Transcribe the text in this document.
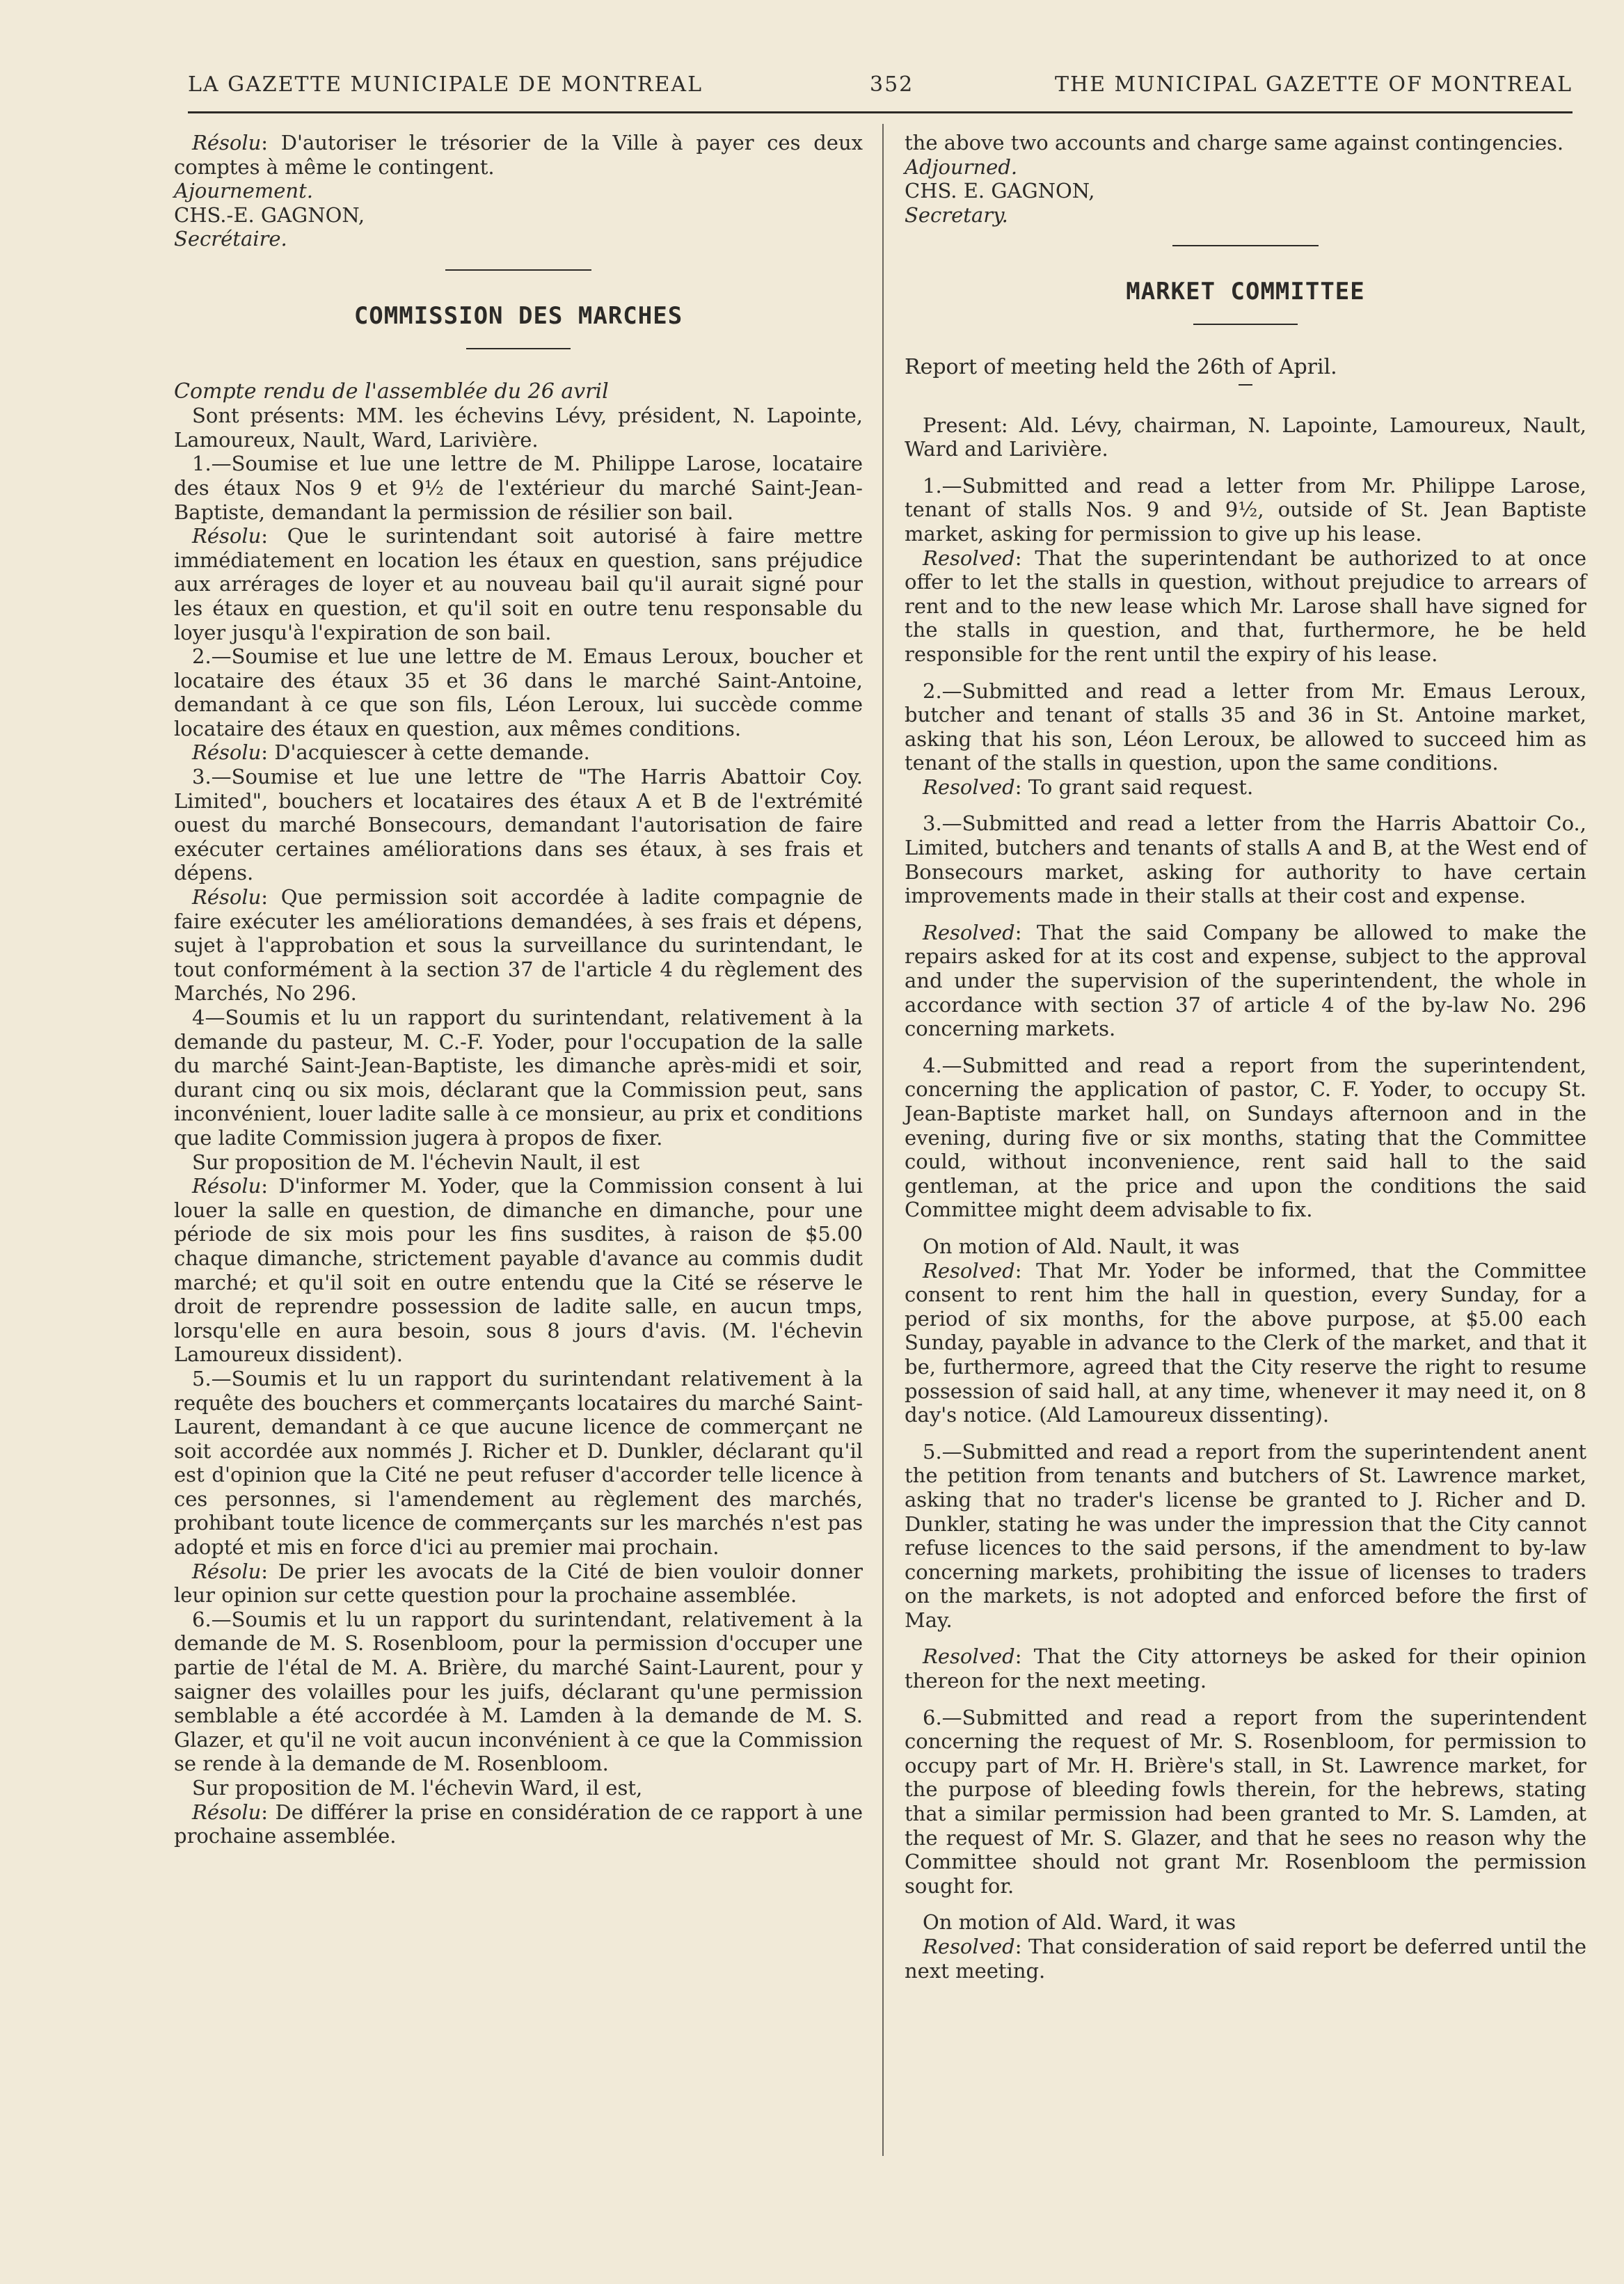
LA GAZETTE MUNICIPALE DE MONTREAL	352	THE MUNICIPAL GAZETTE OF MONTREAL

Résolu: D'autoriser le trésorier de la Ville à payer ces deux comptes à même le contingent.

Ajournement.

CHS.-E. GAGNON,

Secrétaire.

COMMISSION DES MARCHES

Compte rendu de l'assemblée du 26 avril

Sont présents: MM. les échevins Lévy, président, N. Lapointe, Lamoureux, Nault, Ward, Larivière.

1.—Soumise et lue une lettre de M. Philippe Larose, locataire des étaux Nos 9 et 9½ de l'extérieur du marché Saint-Jean-Baptiste, demandant la permission de résilier son bail.

Résolu: Que le surintendant soit autorisé à faire mettre immédiatement en location les étaux en question, sans préjudice aux arrérages de loyer et au nouveau bail qu'il aurait signé pour les étaux en question, et qu'il soit en outre tenu responsable du loyer jusqu'à l'expiration de son bail.

2.—Soumise et lue une lettre de M. Emaus Leroux, boucher et locataire des étaux 35 et 36 dans le marché Saint-Antoine, demandant à ce que son fils, Léon Leroux, lui succède comme locataire des étaux en question, aux mêmes conditions.

Résolu: D'acquiescer à cette demande.

3.—Soumise et lue une lettre de "The Harris Abattoir Coy. Limited", bouchers et locataires des étaux A et B de l'extrémité ouest du marché Bonsecours, demandant l'autorisation de faire exécuter certaines améliorations dans ses étaux, à ses frais et dépens.

Résolu: Que permission soit accordée à ladite compagnie de faire exécuter les améliorations demandées, à ses frais et dépens, sujet à l'approbation et sous la surveillance du surintendant, le tout conformément à la section 37 de l'article 4 du règlement des Marchés, No 296.

4—Soumis et lu un rapport du surintendant, relativement à la demande du pasteur, M. C.-F. Yoder, pour l'occupation de la salle du marché Saint-Jean-Baptiste, les dimanche après-midi et soir, durant cinq ou six mois, déclarant que la Commission peut, sans inconvénient, louer ladite salle à ce monsieur, au prix et conditions que ladite Commission jugera à propos de fixer.

Sur proposition de M. l'échevin Nault, il est

Résolu: D'informer M. Yoder, que la Commission consent à lui louer la salle en question, de dimanche en dimanche, pour une période de six mois pour les fins susdites, à raison de $5.00 chaque dimanche, strictement payable d'avance au commis dudit marché; et qu'il soit en outre entendu que la Cité se réserve le droit de reprendre possession de ladite salle, en aucun tmps, lorsqu'elle en aura besoin, sous 8 jours d'avis. (M. l'échevin Lamoureux dissident).

5.—Soumis et lu un rapport du surintendant relativement à la requête des bouchers et commerçants locataires du marché Saint-Laurent, demandant à ce que aucune licence de commerçant ne soit accordée aux nommés J. Richer et D. Dunkler, déclarant qu'il est d'opinion que la Cité ne peut refuser d'accorder telle licence à ces personnes, si l'amendement au règlement des marchés, prohibant toute licence de commerçants sur les marchés n'est pas adopté et mis en force d'ici au premier mai prochain.

Résolu: De prier les avocats de la Cité de bien vouloir donner leur opinion sur cette question pour la prochaine assemblée.

6.—Soumis et lu un rapport du surintendant, relativement à la demande de M. S. Rosenbloom, pour la permission d'occuper une partie de l'étal de M. A. Brière, du marché Saint-Laurent, pour y saigner des volailles pour les juifs, déclarant qu'une permission semblable a été accordée à M. Lamden à la demande de M. S. Glazer, et qu'il ne voit aucun inconvénient à ce que la Commission se rende à la demande de M. Rosenbloom.

Sur proposition de M. l'échevin Ward, il est,

Résolu: De différer la prise en considération de ce rapport à une prochaine assemblée.

the above two accounts and charge same against contingencies.

Adjourned.

CHS. E. GAGNON,

Secretary.

MARKET COMMITTEE

Report of meeting held the 26th of April.

Present: Ald. Lévy, chairman, N. Lapointe, Lamoureux, Nault, Ward and Larivière.

1.—Submitted and read a letter from Mr. Philippe Larose, tenant of stalls Nos. 9 and 9½, outside of St. Jean Baptiste market, asking for permission to give up his lease.

Resolved: That the superintendant be authorized to at once offer to let the stalls in question, without prejudice to arrears of rent and to the new lease which Mr. Larose shall have signed for the stalls in question, and that, furthermore, he be held responsible for the rent until the expiry of his lease.

2.—Submitted and read a letter from Mr. Emaus Leroux, butcher and tenant of stalls 35 and 36 in St. Antoine market, asking that his son, Léon Leroux, be allowed to succeed him as tenant of the stalls in question, upon the same conditions.

Resolved: To grant said request.

3.—Submitted and read a letter from the Harris Abattoir Co., Limited, butchers and tenants of stalls A and B, at the West end of Bonsecours market, asking for authority to have certain improvements made in their stalls at their cost and expense.

Resolved: That the said Company be allowed to make the repairs asked for at its cost and expense, subject to the approval and under the supervision of the superintendent, the whole in accordance with section 37 of article 4 of the by-law No. 296 concerning markets.

4.—Submitted and read a report from the superintendent, concerning the application of pastor, C. F. Yoder, to occupy St. Jean-Baptiste market hall, on Sundays afternoon and in the evening, during five or six months, stating that the Committee could, without inconvenience, rent said hall to the said gentleman, at the price and upon the conditions the said Committee might deem advisable to fix.

On motion of Ald. Nault, it was

Resolved: That Mr. Yoder be informed, that the Committee consent to rent him the hall in question, every Sunday, for a period of six months, for the above purpose, at $5.00 each Sunday, payable in advance to the Clerk of the market, and that it be, furthermore, agreed that the City reserve the right to resume possession of said hall, at any time, whenever it may need it, on 8 day's notice. (Ald Lamoureux dissenting).

5.—Submitted and read a report from the superintendent anent the petition from tenants and butchers of St. Lawrence market, asking that no trader's license be granted to J. Richer and D. Dunkler, stating he was under the impression that the City cannot refuse licences to the said persons, if the amendment to by-law concerning markets, prohibiting the issue of licenses to traders on the markets, is not adopted and enforced before the first of May.

Resolved: That the City attorneys be asked for their opinion thereon for the next meeting.

6.—Submitted and read a report from the superintendent concerning the request of Mr. S. Rosenbloom, for permission to occupy part of Mr. H. Brière's stall, in St. Lawrence market, for the purpose of bleeding fowls therein, for the hebrews, stating that a similar permission had been granted to Mr. S. Lamden, at the request of Mr. S. Glazer, and that he sees no reason why the Committee should not grant Mr. Rosenbloom the permission sought for.

On motion of Ald. Ward, it was

Resolved: That consideration of said report be deferred until the next meeting.
